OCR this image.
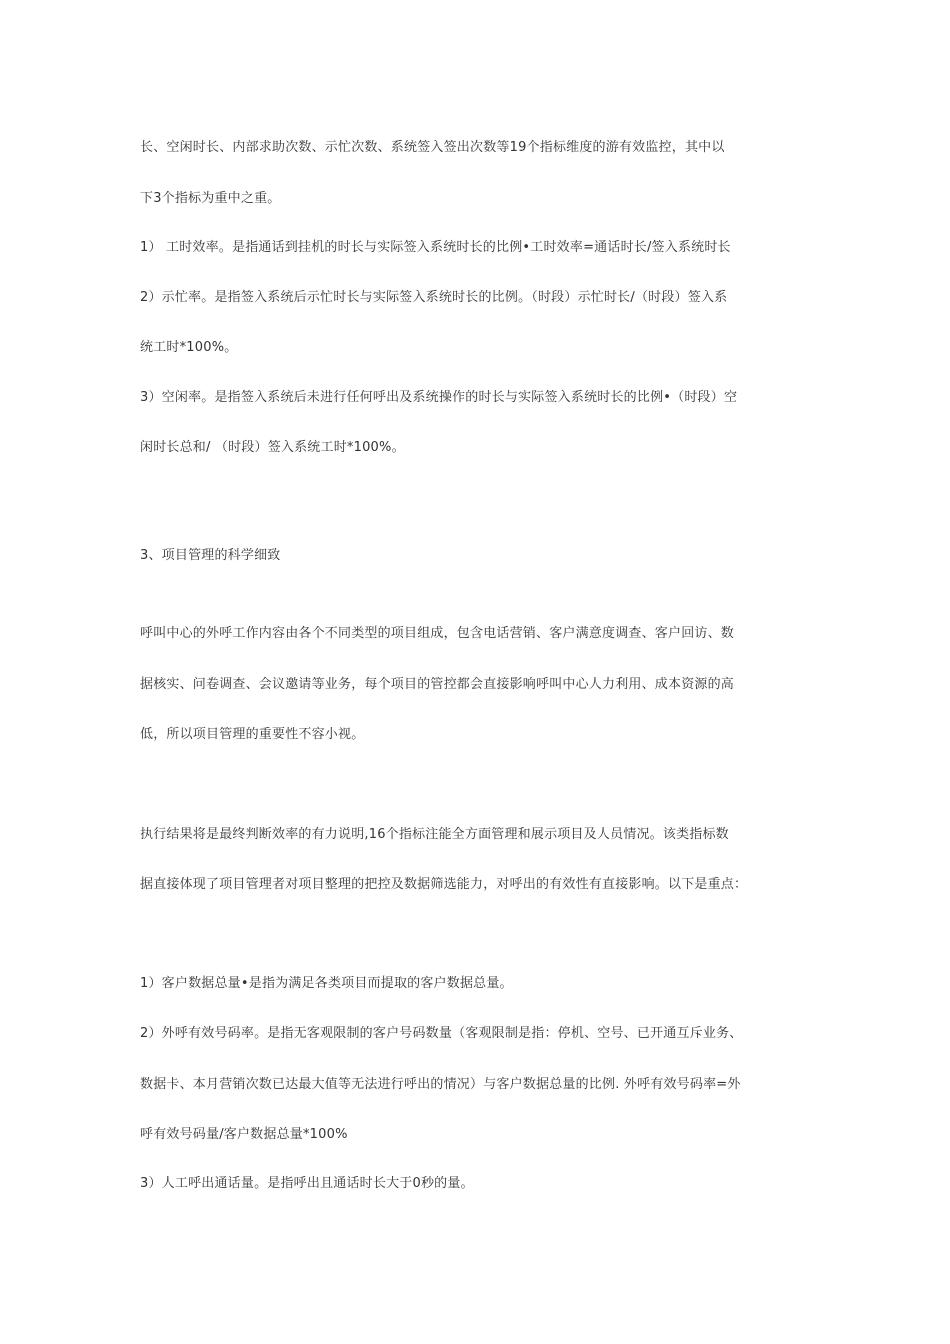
长、空闲时长、内部求助次数、示忙次数、系统签入签出次数等19个指标维度的游有效监控，其中以
下3个指标为重中之重。
1） 工时效率。是指通话到挂机的时长与实际签入系统时长的比例•工时效率=通话时长/签入系统时长
2）示忙率。是指签入系统后示忙时长与实际签入系统时长的比例。（时段）示忙时长/（时段）签入系
统工时*100%。
3）空闲率。是指签入系统后未进行任何呼出及系统操作的时长与实际签入系统时长的比例•（时段）空
闲时长总和/ （时段）签入系统工时*100%。
3、项目管理的科学细致
呼叫中心的外呼工作内容由各个不同类型的项目组成，包含电话营销、客户满意度调查、客户回访、数
据核实、问卷调查、会议邀请等业务，每个项目的管控都会直接影响呼叫中心人力利用、成本资源的高
低，所以项目管理的重要性不容小视。
执行结果将是最终判断效率的有力说明,16个指标注能全方面管理和展示项目及人员情况。该类指标数
据直接体现了项目管理者对项目整理的把控及数据筛选能力，对呼出的有效性有直接影响。以下是重点：
1）客户数据总量•是指为满足各类项目而提取的客户数据总量。
2）外呼有效号码率。是指无客观限制的客户号码数量（客观限制是指：停机、空号、已开通互斥业务、
数据卡、本月营销次数已达最大值等无法进行呼出的情况）与客户数据总量的比例. 外呼有效号码率=外
呼有效号码量/客户数据总量*100%
3）人工呼出通话量。是指呼出且通话时长大于0秒的量。
